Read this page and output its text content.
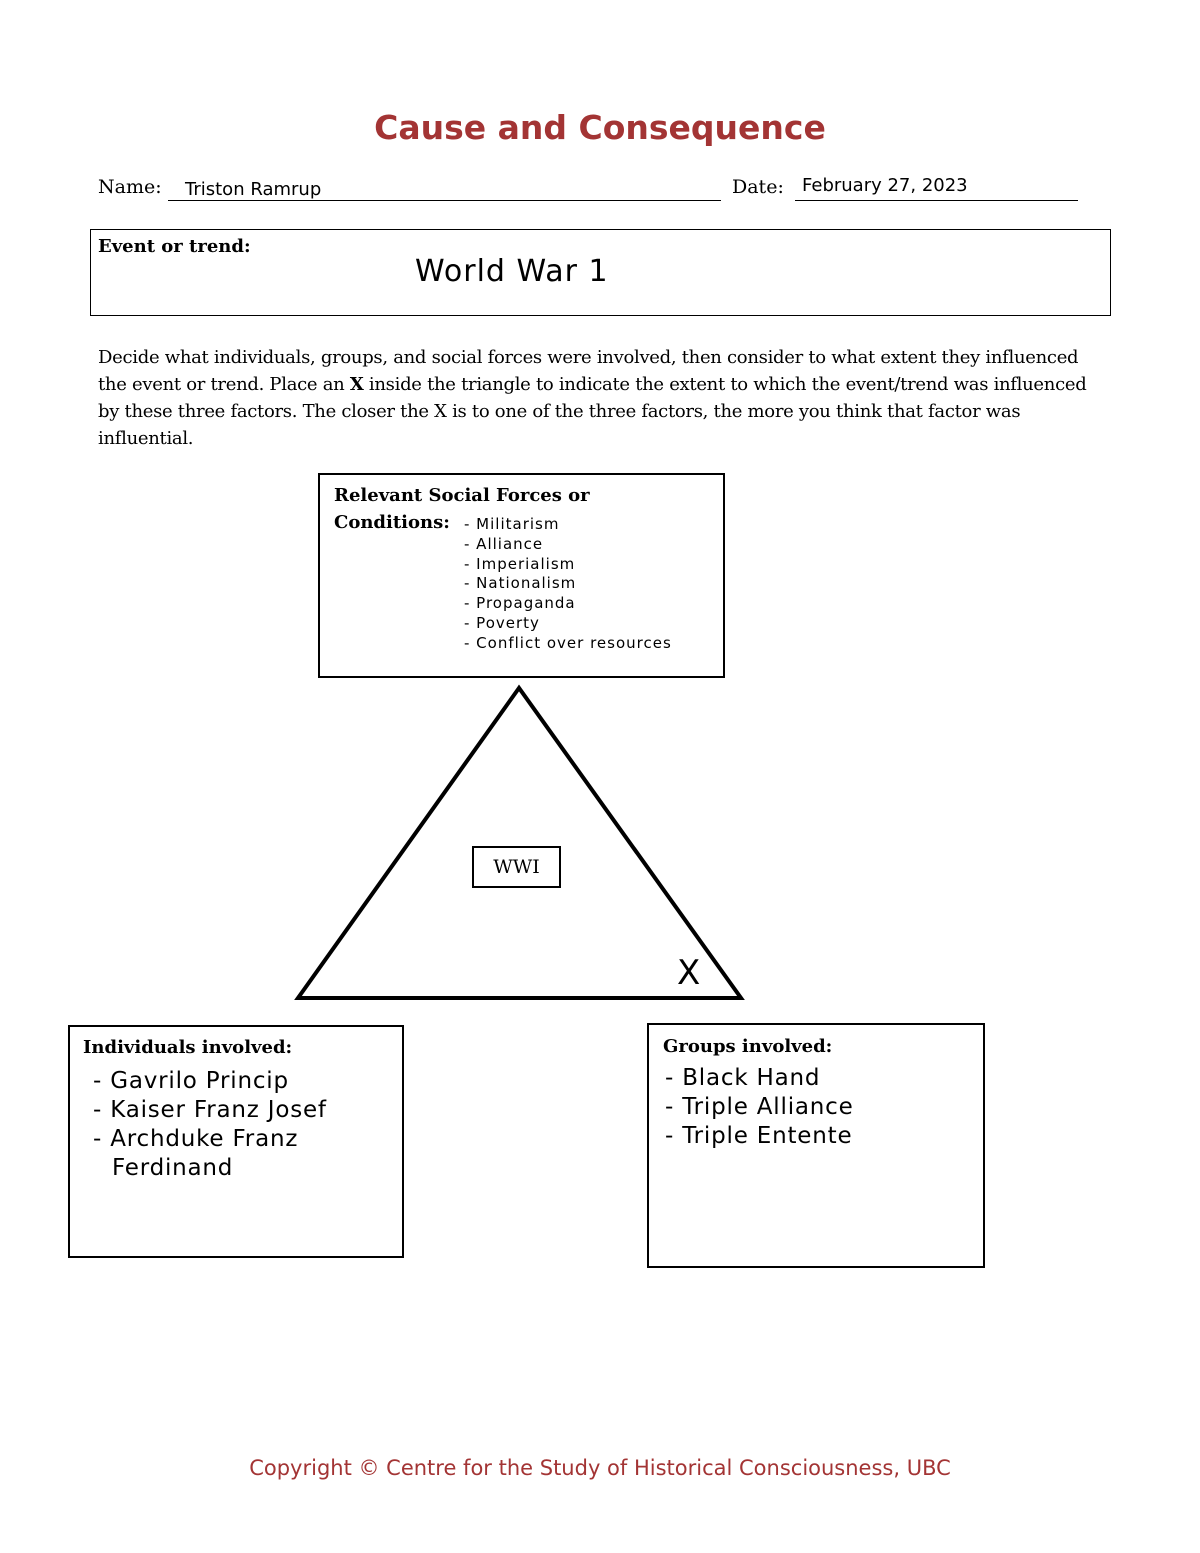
Cause and Consequence
Name: Triston Ramrup	Date: February 27, 2023
Event or trend:
World War 1
Decide what individuals, groups, and social forces were involved, then consider to what extent they influenced the event or trend. Place an X inside the triangle to indicate the extent to which the event/trend was influenced by these three factors. The closer the X is to one of the three factors, the more you think that factor was influential.
Relevant Social Forces or
Conditions: - Militarism
- Alliance
- Imperialism
- Nationalism
- Propaganda
- Poverty
- Conflict over resources
WWI
X
Individuals involved:
- Gavrilo Princip
- Kaiser Franz Josef
- Archduke Franz Ferdinand
Groups involved:
- Black Hand
- Triple Alliance
- Triple Entente
Copyright © Centre for the Study of Historical Consciousness, UBC
